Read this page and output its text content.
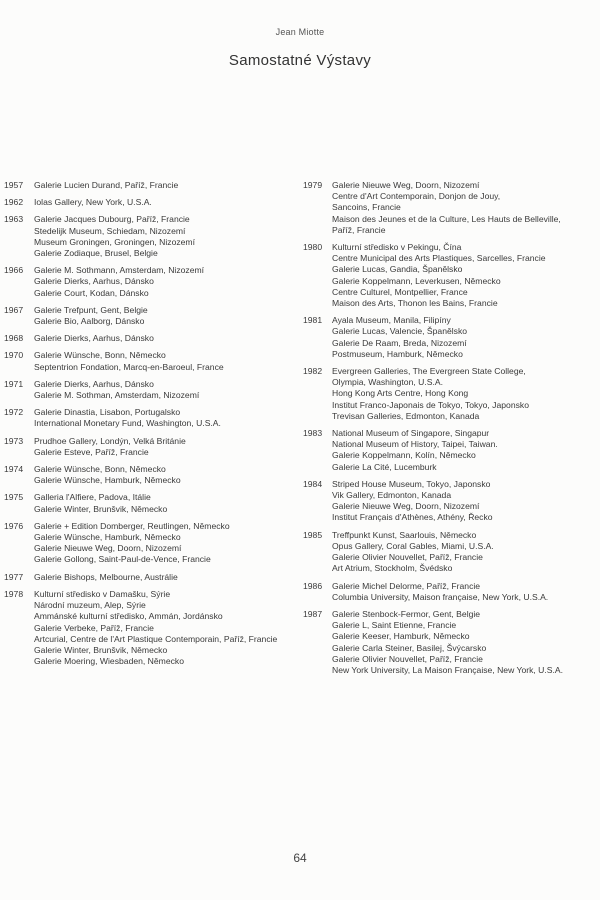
Jean Miotte
Samostatné Výstavy
1957	Galerie Lucien Durand, Paříž, Francie
1962	Iolas Gallery, New York, U.S.A.
1963	Galerie Jacques Dubourg, Paříž, Francie
Stedelijk Museum, Schiedam, Nizozemí
Museum Groningen, Groningen, Nizozemí
Galerie Zodiaque, Brusel, Belgie
1966	Galerie M. Sothmann, Amsterdam, Nizozemí
Galerie Dierks, Aarhus, Dánsko
Galerie Court, Kodan, Dánsko
1967	Galerie Trefpunt, Gent, Belgie
Galerie Bio, Aalborg, Dánsko
1968	Galerie Dierks, Aarhus, Dánsko
1970	Galerie Wünsche, Bonn, Německo
Septentrion Fondation, Marcq-en-Baroeul, France
1971	Galerie Dierks, Aarhus, Dánsko
Galerie M. Sothman, Amsterdam, Nizozemí
1972	Galerie Dinastia, Lisabon, Portugalsko
International Monetary Fund, Washington, U.S.A.
1973	Prudhoe Gallery, Londýn, Velká Británie
Galerie Esteve, Paříž, Francie
1974	Galerie Wünsche, Bonn, Německo
Galerie Wünsche, Hamburk, Německo
1975	Galleria l'Alfiere, Padova, Itálie
Galerie Winter, Brunšvik, Německo
1976	Galerie + Edition Domberger, Reutlingen, Německo
Galerie Wünsche, Hamburk, Německo
Galerie Nieuwe Weg, Doorn, Nizozemí
Galerie Gollong, Saint-Paul-de-Vence, Francie
1977	Galerie Bishops, Melbourne, Austrálie
1978	Kulturní středisko v Damašku, Sýrie
Národní muzeum, Alep, Sýrie
Ammánské kulturní středisko, Ammán, Jordánsko
Galerie Verbeke, Paříž, Francie
Artcurial, Centre de l'Art Plastique Contemporain, Paříž, Francie
Galerie Winter, Brunšvik, Německo
Galerie Moering, Wiesbaden, Německo
1979	Galerie Nieuwe Weg, Doorn, Nizozemí
Centre d'Art Contemporain, Donjon de Jouy,
Sancoins, Francie
Maison des Jeunes et de la Culture, Les Hauts de Belleville,
Paříž, Francie
1980	Kulturní středisko v Pekingu, Čína
Centre Municipal des Arts Plastiques, Sarcelles, Francie
Galerie Lucas, Gandia, Španělsko
Galerie Koppelmann, Leverkusen, Německo
Centre Culturel, Montpellier, France
Maison des Arts, Thonon les Bains, Francie
1981	Ayala Museum, Manila, Filipíny
Galerie Lucas, Valencie, Španělsko
Galerie De Raam, Breda, Nizozemí
Postmuseum, Hamburk, Německo
1982	Evergreen Galleries, The Evergreen State College,
Olympia, Washington, U.S.A.
Hong Kong Arts Centre, Hong Kong
Institut Franco-Japonais de Tokyo, Tokyo, Japonsko
Trevisan Galleries, Edmonton, Kanada
1983	National Museum of Singapore, Singapur
National Museum of History, Taipei, Taiwan.
Galerie Koppelmann, Kolín, Německo
Galerie La Cité, Lucemburk
1984	Striped House Museum, Tokyo, Japonsko
Vik Gallery, Edmonton, Kanada
Galerie Nieuwe Weg, Doorn, Nizozemí
Institut Français d'Athènes, Athény, Řecko
1985	Treffpunkt Kunst, Saarlouis, Německo
Opus Gallery, Coral Gables, Miami, U.S.A.
Galerie Olivier Nouvellet, Paříž, Francie
Art Atrium, Stockholm, Švédsko
1986	Galerie Michel Delorme, Paříž, Francie
Columbia University, Maison française, New York, U.S.A.
1987	Galerie Stenbock-Fermor, Gent, Belgie
Galerie L, Saint Etienne, Francie
Galerie Keeser, Hamburk, Německo
Galerie Carla Steiner, Basilej, Švýcarsko
Galerie Olivier Nouvellet, Paříž, Francie
New York University, La Maison Française, New York, U.S.A.
64
